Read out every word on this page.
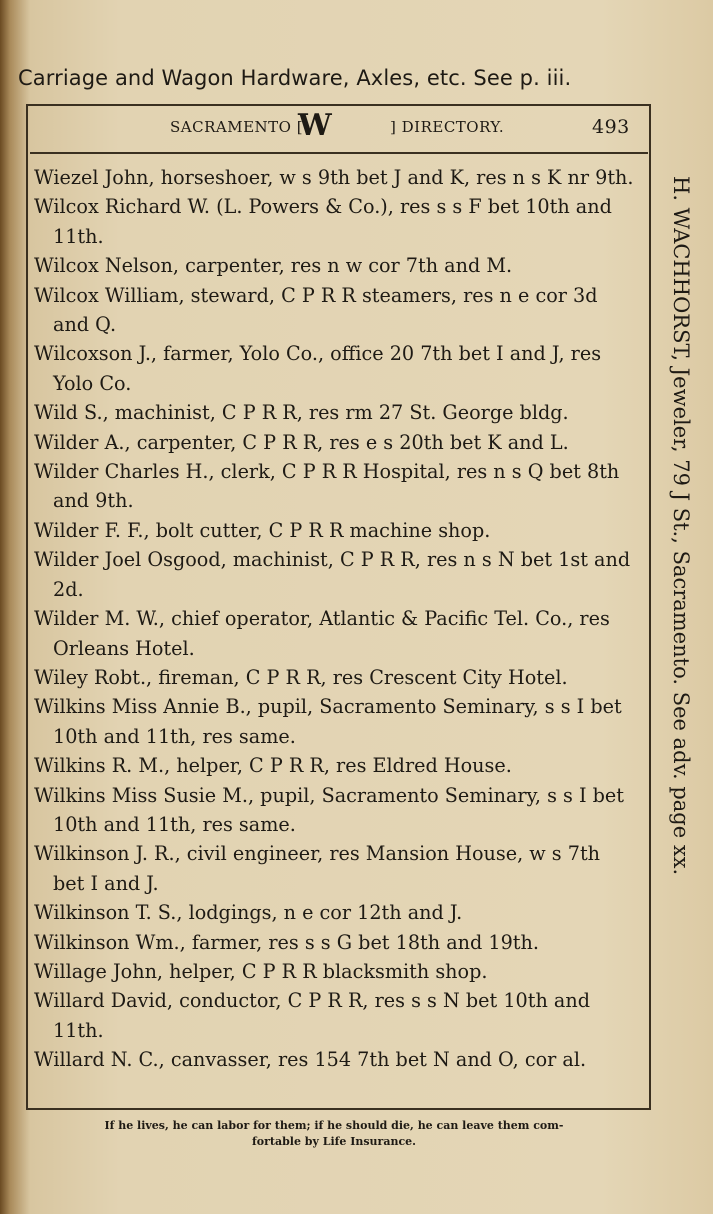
Carriage and Wagon Hardware, Axles, etc. See p. iii.
SACRAMENTO [
W	] DIRECTORY.	493

Wiezel John, horseshoer, w s 9th bet J and K, res n s K nr 9th.

Wilcox Richard W. (L. Powers & Co.), res s s F bet 10th and 11th.

Wilcox Nelson, carpenter, res n w cor 7th and M.

Wilcox William, steward, C P R R steamers, res n e cor 3d and Q.

Wilcoxson J., farmer, Yolo Co., office 20 7th bet I and J, res Yolo Co.

Wild S., machinist, C P R R, res rm 27 St. George bldg.

Wilder A., carpenter, C P R R, res e s 20th bet K and L.

Wilder Charles H., clerk, C P R R Hospital, res n s Q bet 8th and 9th.

Wilder F. F., bolt cutter, C P R R machine shop.

Wilder Joel Osgood, machinist, C P R R, res n s N bet 1st and 2d.

Wilder M. W., chief operator, Atlantic & Pacific Tel. Co., res Orleans Hotel.

Wiley Robt., fireman, C P R R, res Crescent City Hotel.

Wilkins Miss Annie B., pupil, Sacramento Seminary, s s I bet 10th and 11th, res same.

Wilkins R. M., helper, C P R R, res Eldred House.

Wilkins Miss Susie M., pupil, Sacramento Seminary, s s I bet 10th and 11th, res same.

Wilkinson J. R., civil engineer, res Mansion House, w s 7th bet I and J.

Wilkinson T. S., lodgings, n e cor 12th and J.

Wilkinson Wm., farmer, res s s G bet 18th and 19th.

Willage John, helper, C P R R blacksmith shop.

Willard David, conductor, C P R R, res s s N bet 10th and 11th.

Willard N. C., canvasser, res 154 7th bet N and O, cor al.

H. WACHHORST, Jeweler, 79 J St., Sacramento. See adv. page xx.
If he lives, he can labor for them; if he should die, he can leave them com-
fortable by Life Insurance.
